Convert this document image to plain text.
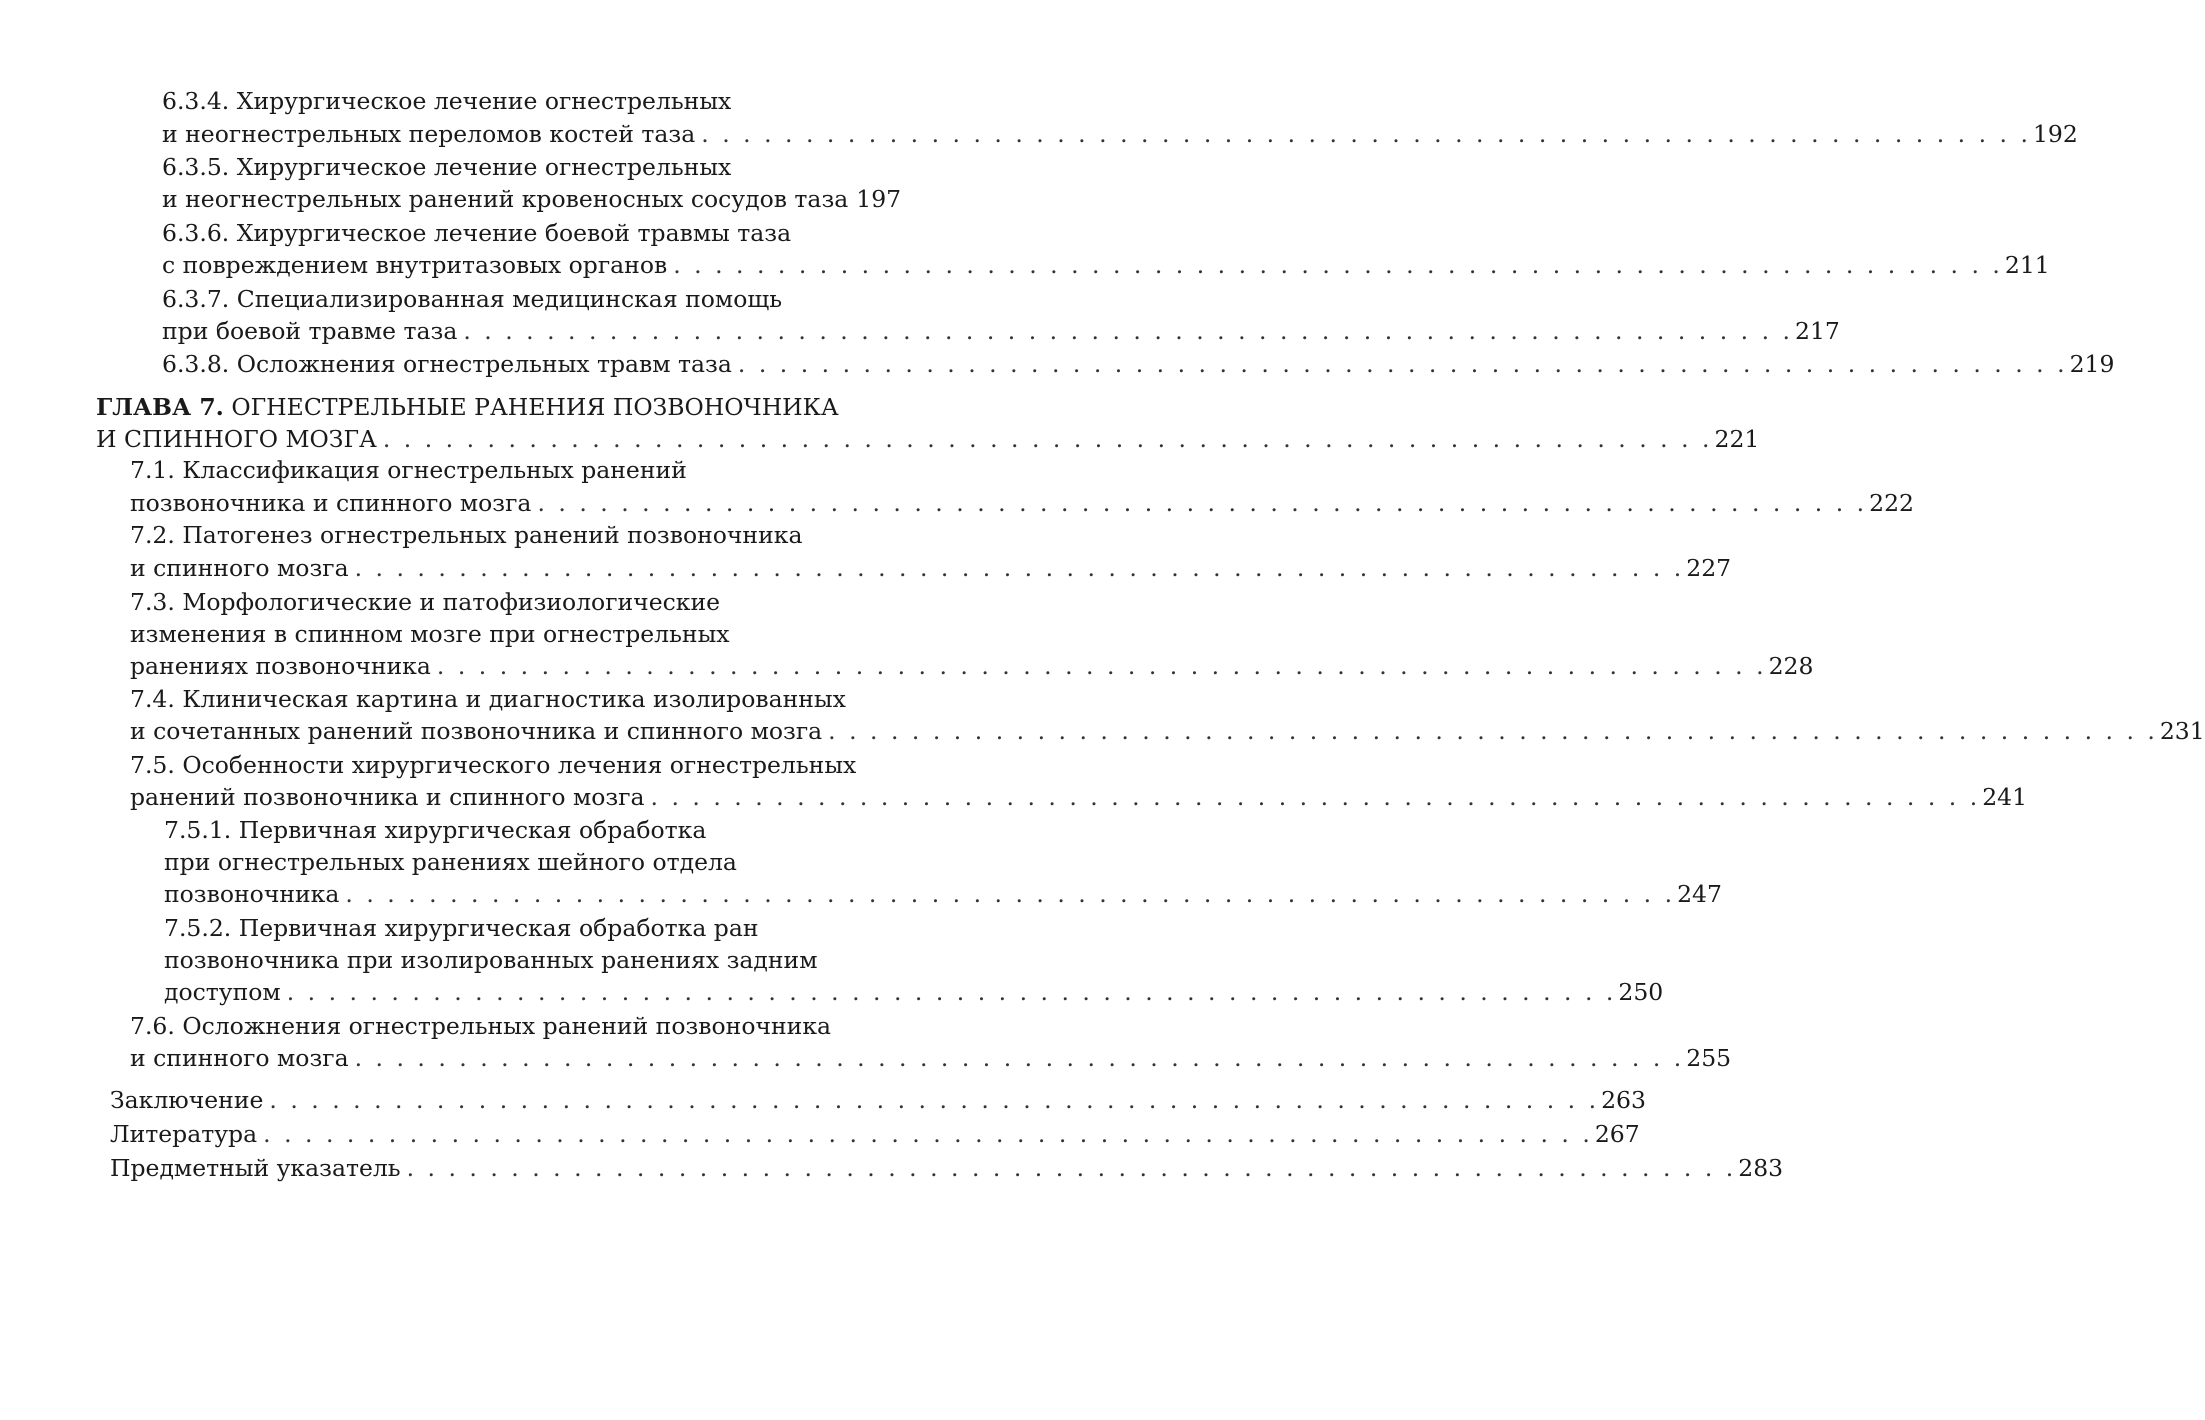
6.3.4. Хирургическое лечение огнестрельных
и неогнестрельных переломов костей таза . . . . . . . . . . . . . . . . . . . . . . . . . . . . . . . . . . . . . . . . . . . . . . . . . . . . . . . . . . . . . . . . 192
6.3.5. Хирургическое лечение огнестрельных
и неогнестрельных ранений кровеносных сосудов таза 197
6.3.6. Хирургическое лечение боевой травмы таза
с повреждением внутритазовых органов . . . . . . . . . . . . . . . . . . . . . . . . . . . . . . . . . . . . . . . . . . . . . . . . . . . . . . . . . . . . . . . . 211
6.3.7. Специализированная медицинская помощь
при боевой травме таза . . . . . . . . . . . . . . . . . . . . . . . . . . . . . . . . . . . . . . . . . . . . . . . . . . . . . . . . . . . . . . . . 217
6.3.8. Осложнения огнестрельных травм таза . . . . . . . . . . . . . . . . . . . . . . . . . . . . . . . . . . . . . . . . . . . . . . . . . . . . . . . . . . . . . . . . 219
ГЛАВА 7. ОГНЕСТРЕЛЬНЫЕ РАНЕНИЯ ПОЗВОНОЧНИКА
И СПИННОГО МОЗГА . . . . . . . . . . . . . . . . . . . . . . . . . . . . . . . . . . . . . . . . . . . . . . . . . . . . . . . . . . . . . . . . 221
7.1. Классификация огнестрельных ранений
позвоночника и спинного мозга . . . . . . . . . . . . . . . . . . . . . . . . . . . . . . . . . . . . . . . . . . . . . . . . . . . . . . . . . . . . . . . . 222
7.2. Патогенез огнестрельных ранений позвоночника
и спинного мозга . . . . . . . . . . . . . . . . . . . . . . . . . . . . . . . . . . . . . . . . . . . . . . . . . . . . . . . . . . . . . . . . 227
7.3. Морфологические и патофизиологические
изменения в спинном мозге при огнестрельных
ранениях позвоночника . . . . . . . . . . . . . . . . . . . . . . . . . . . . . . . . . . . . . . . . . . . . . . . . . . . . . . . . . . . . . . . . 228
7.4. Клиническая картина и диагностика изолированных
и сочетанных ранений позвоночника и спинного мозга . . . . . . . . . . . . . . . . . . . . . . . . . . . . . . . . . . . . . . . . . . . . . . . . . . . . . . . . . . . . . . . . 231
7.5. Особенности хирургического лечения огнестрельных
ранений позвоночника и спинного мозга . . . . . . . . . . . . . . . . . . . . . . . . . . . . . . . . . . . . . . . . . . . . . . . . . . . . . . . . . . . . . . . . 241
7.5.1. Первичная хирургическая обработка
при огнестрельных ранениях шейного отдела
позвоночника . . . . . . . . . . . . . . . . . . . . . . . . . . . . . . . . . . . . . . . . . . . . . . . . . . . . . . . . . . . . . . . . 247
7.5.2. Первичная хирургическая обработка ран
позвоночника при изолированных ранениях задним
доступом . . . . . . . . . . . . . . . . . . . . . . . . . . . . . . . . . . . . . . . . . . . . . . . . . . . . . . . . . . . . . . . . 250
7.6. Осложнения огнестрельных ранений позвоночника
и спинного мозга . . . . . . . . . . . . . . . . . . . . . . . . . . . . . . . . . . . . . . . . . . . . . . . . . . . . . . . . . . . . . . . . 255
Заключение . . . . . . . . . . . . . . . . . . . . . . . . . . . . . . . . . . . . . . . . . . . . . . . . . . . . . . . . . . . . . . . . 263
Литература . . . . . . . . . . . . . . . . . . . . . . . . . . . . . . . . . . . . . . . . . . . . . . . . . . . . . . . . . . . . . . . . 267
Предметный указатель . . . . . . . . . . . . . . . . . . . . . . . . . . . . . . . . . . . . . . . . . . . . . . . . . . . . . . . . . . . . . . . . 283
